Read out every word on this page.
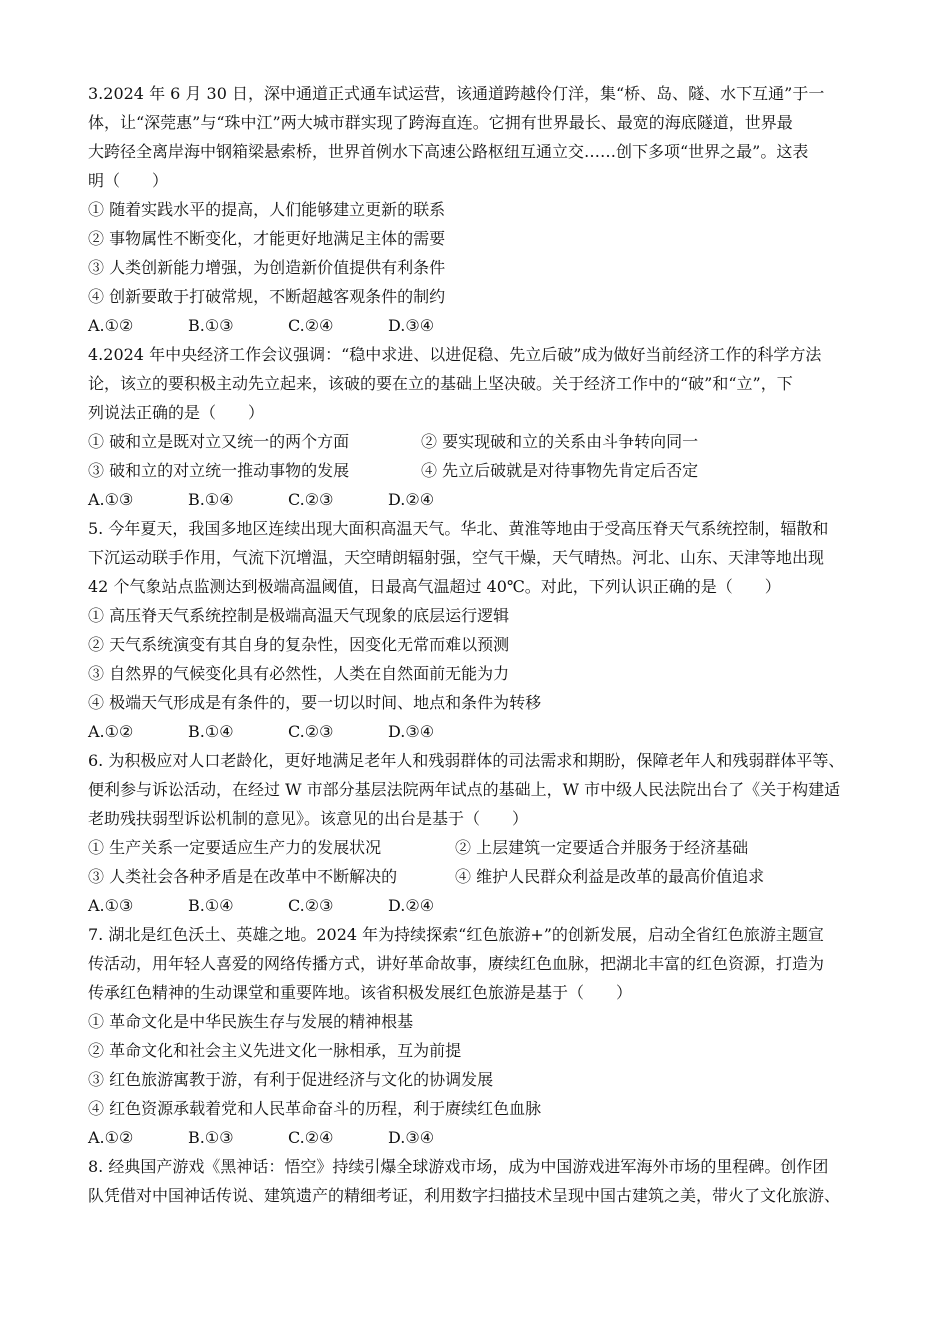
3.2024 年 6 月 30 日，深中通道正式通车试运营，该通道跨越伶仃洋，集“桥、岛、隧、水下互通”于一
体，让“深莞惠”与“珠中江”两大城市群实现了跨海直连。它拥有世界最长、最宽的海底隧道，世界最
大跨径全离岸海中钢箱梁悬索桥，世界首例水下高速公路枢纽互通立交……创下多项“世界之最”。这表
明（　　）
① 随着实践水平的提高，人们能够建立更新的联系
② 事物属性不断变化，才能更好地满足主体的需要
③ 人类创新能力增强，为创造新价值提供有利条件
④ 创新要敢于打破常规，不断超越客观条件的制约
A.①②	B.①③	C.②④	D.③④
4.2024 年中央经济工作会议强调：“稳中求进、以进促稳、先立后破”成为做好当前经济工作的科学方法
论，该立的要积极主动先立起来，该破的要在立的基础上坚决破。关于经济工作中的“破”和“立”，下
列说法正确的是（　　）
① 破和立是既对立又统一的两个方面	② 要实现破和立的关系由斗争转向同一
③ 破和立的对立统一推动事物的发展	④ 先立后破就是对待事物先肯定后否定
A.①③	B.①④	C.②③	D.②④
5. 今年夏天，我国多地区连续出现大面积高温天气。华北、黄淮等地由于受高压脊天气系统控制，辐散和
下沉运动联手作用，气流下沉增温，天空晴朗辐射强，空气干燥，天气晴热。河北、山东、天津等地出现
42 个气象站点监测达到极端高温阈值，日最高气温超过 40℃。对此，下列认识正确的是（　　）
① 高压脊天气系统控制是极端高温天气现象的底层运行逻辑
② 天气系统演变有其自身的复杂性，因变化无常而难以预测
③ 自然界的气候变化具有必然性，人类在自然面前无能为力
④ 极端天气形成是有条件的，要一切以时间、地点和条件为转移
A.①②	B.①④	C.②③	D.③④
6. 为积极应对人口老龄化，更好地满足老年人和残弱群体的司法需求和期盼，保障老年人和残弱群体平等、
便利参与诉讼活动，在经过 W 市部分基层法院两年试点的基础上，W 市中级人民法院出台了《关于构建适
老助残扶弱型诉讼机制的意见》。该意见的出台是基于（　　）
① 生产关系一定要适应生产力的发展状况	② 上层建筑一定要适合并服务于经济基础
③ 人类社会各种矛盾是在改革中不断解决的	④ 维护人民群众利益是改革的最高价值追求
A.①③	B.①④	C.②③	D.②④
7. 湖北是红色沃土、英雄之地。2024 年为持续探索“红色旅游+”的创新发展，启动全省红色旅游主题宣
传活动，用年轻人喜爱的网络传播方式，讲好革命故事，赓续红色血脉，把湖北丰富的红色资源，打造为
传承红色精神的生动课堂和重要阵地。该省积极发展红色旅游是基于（　　）
① 革命文化是中华民族生存与发展的精神根基
② 革命文化和社会主义先进文化一脉相承，互为前提
③ 红色旅游寓教于游，有利于促进经济与文化的协调发展
④ 红色资源承载着党和人民革命奋斗的历程，利于赓续红色血脉
A.①②	B.①③	C.②④	D.③④
8. 经典国产游戏《黑神话：悟空》持续引爆全球游戏市场，成为中国游戏进军海外市场的里程碑。创作团
队凭借对中国神话传说、建筑遗产的精细考证，利用数字扫描技术呈现中国古建筑之美，带火了文化旅游、
